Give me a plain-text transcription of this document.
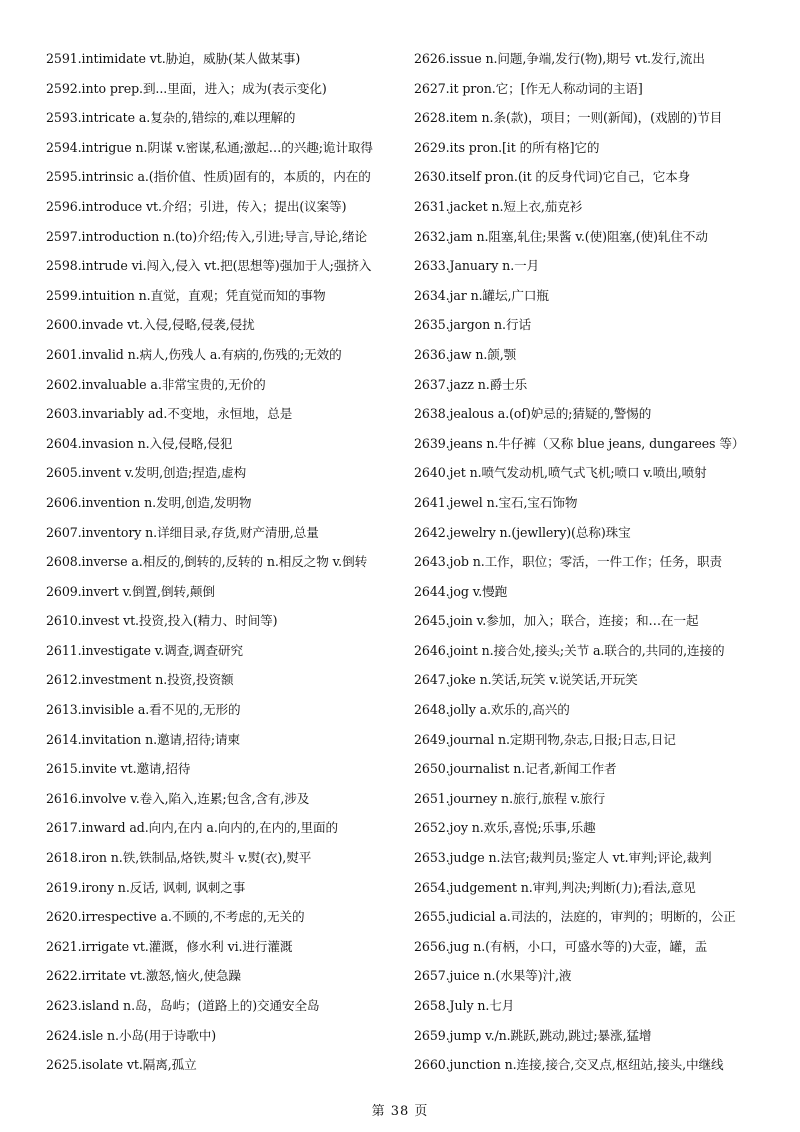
2591.intimidate vt.胁迫，威胁(某人做某事)
2592.into prep.到...里面，进入；成为(表示变化)
2593.intricate a.复杂的,错综的,难以理解的
2594.intrigue n.阴谋 v.密谋,私通;激起…的兴趣;诡计取得
2595.intrinsic a.(指价值、性质)固有的，本质的，内在的
2596.introduce vt.介绍；引进，传入；提出(议案等)
2597.introduction n.(to)介绍;传入,引进;导言,导论,绪论
2598.intrude vi.闯入,侵入 vt.把(思想等)强加于人;强挤入
2599.intuition n.直觉，直观；凭直觉而知的事物
2600.invade vt.入侵,侵略,侵袭,侵扰
2601.invalid n.病人,伤残人 a.有病的,伤残的;无效的
2602.invaluable a.非常宝贵的,无价的
2603.invariably ad.不变地，永恒地，总是
2604.invasion n.入侵,侵略,侵犯
2605.invent v.发明,创造;捏造,虚构
2606.invention n.发明,创造,发明物
2607.inventory n.详细目录,存货,财产清册,总量
2608.inverse a.相反的,倒转的,反转的 n.相反之物 v.倒转
2609.invert v.倒置,倒转,颠倒
2610.invest vt.投资,投入(精力、时间等)
2611.investigate v.调查,调查研究
2612.investment n.投资,投资额
2613.invisible a.看不见的,无形的
2614.invitation n.邀请,招待;请柬
2615.invite vt.邀请,招待
2616.involve v.卷入,陷入,连累;包含,含有,涉及
2617.inward ad.向内,在内 a.向内的,在内的,里面的
2618.iron n.铁,铁制品,烙铁,熨斗 v.熨(衣),熨平
2619.irony n.反话, 讽刺, 讽刺之事
2620.irrespective a.不顾的,不考虑的,无关的
2621.irrigate vt.灌溉，修水利 vi.进行灌溉
2622.irritate vt.激怒,恼火,使急躁
2623.island n.岛，岛屿；(道路上的)交通安全岛
2624.isle n.小岛(用于诗歌中)
2625.isolate vt.隔离,孤立
2626.issue n.问题,争端,发行(物),期号 vt.发行,流出
2627.it pron.它；[作无人称动词的主语]
2628.item n.条(款)，项目；一则(新闻)，(戏剧的)节目
2629.its pron.[it 的所有格]它的
2630.itself pron.(it 的反身代词)它自己，它本身
2631.jacket n.短上衣,茄克衫
2632.jam n.阻塞,轧住;果酱 v.(使)阻塞,(使)轧住不动
2633.January n.一月
2634.jar n.罐坛,广口瓶
2635.jargon n.行话
2636.jaw n.颌,颚
2637.jazz n.爵士乐
2638.jealous a.(of)妒忌的;猜疑的,警惕的
2639.jeans n.牛仔裤（又称 blue jeans, dungarees 等）
2640.jet n.喷气发动机,喷气式飞机;喷口 v.喷出,喷射
2641.jewel n.宝石,宝石饰物
2642.jewelry n.(jewllery)(总称)珠宝
2643.job n.工作，职位；零活，一件工作；任务，职责
2644.jog v.慢跑
2645.join v.参加，加入；联合，连接；和…在一起
2646.joint n.接合处,接头;关节 a.联合的,共同的,连接的
2647.joke n.笑话,玩笑 v.说笑话,开玩笑
2648.jolly a.欢乐的,高兴的
2649.journal n.定期刊物,杂志,日报;日志,日记
2650.journalist n.记者,新闻工作者
2651.journey n.旅行,旅程 v.旅行
2652.joy n.欢乐,喜悦;乐事,乐趣
2653.judge n.法官;裁判员;鉴定人 vt.审判;评论,裁判
2654.judgement n.审判,判决;判断(力);看法,意见
2655.judicial a.司法的，法庭的，审判的；明断的，公正
2656.jug n.(有柄，小口，可盛水等的)大壶，罐，盂
2657.juice n.(水果等)汁,液
2658.July n.七月
2659.jump v./n.跳跃,跳动,跳过;暴涨,猛增
2660.junction n.连接,接合,交叉点,枢纽站,接头,中继线
第 38 页
